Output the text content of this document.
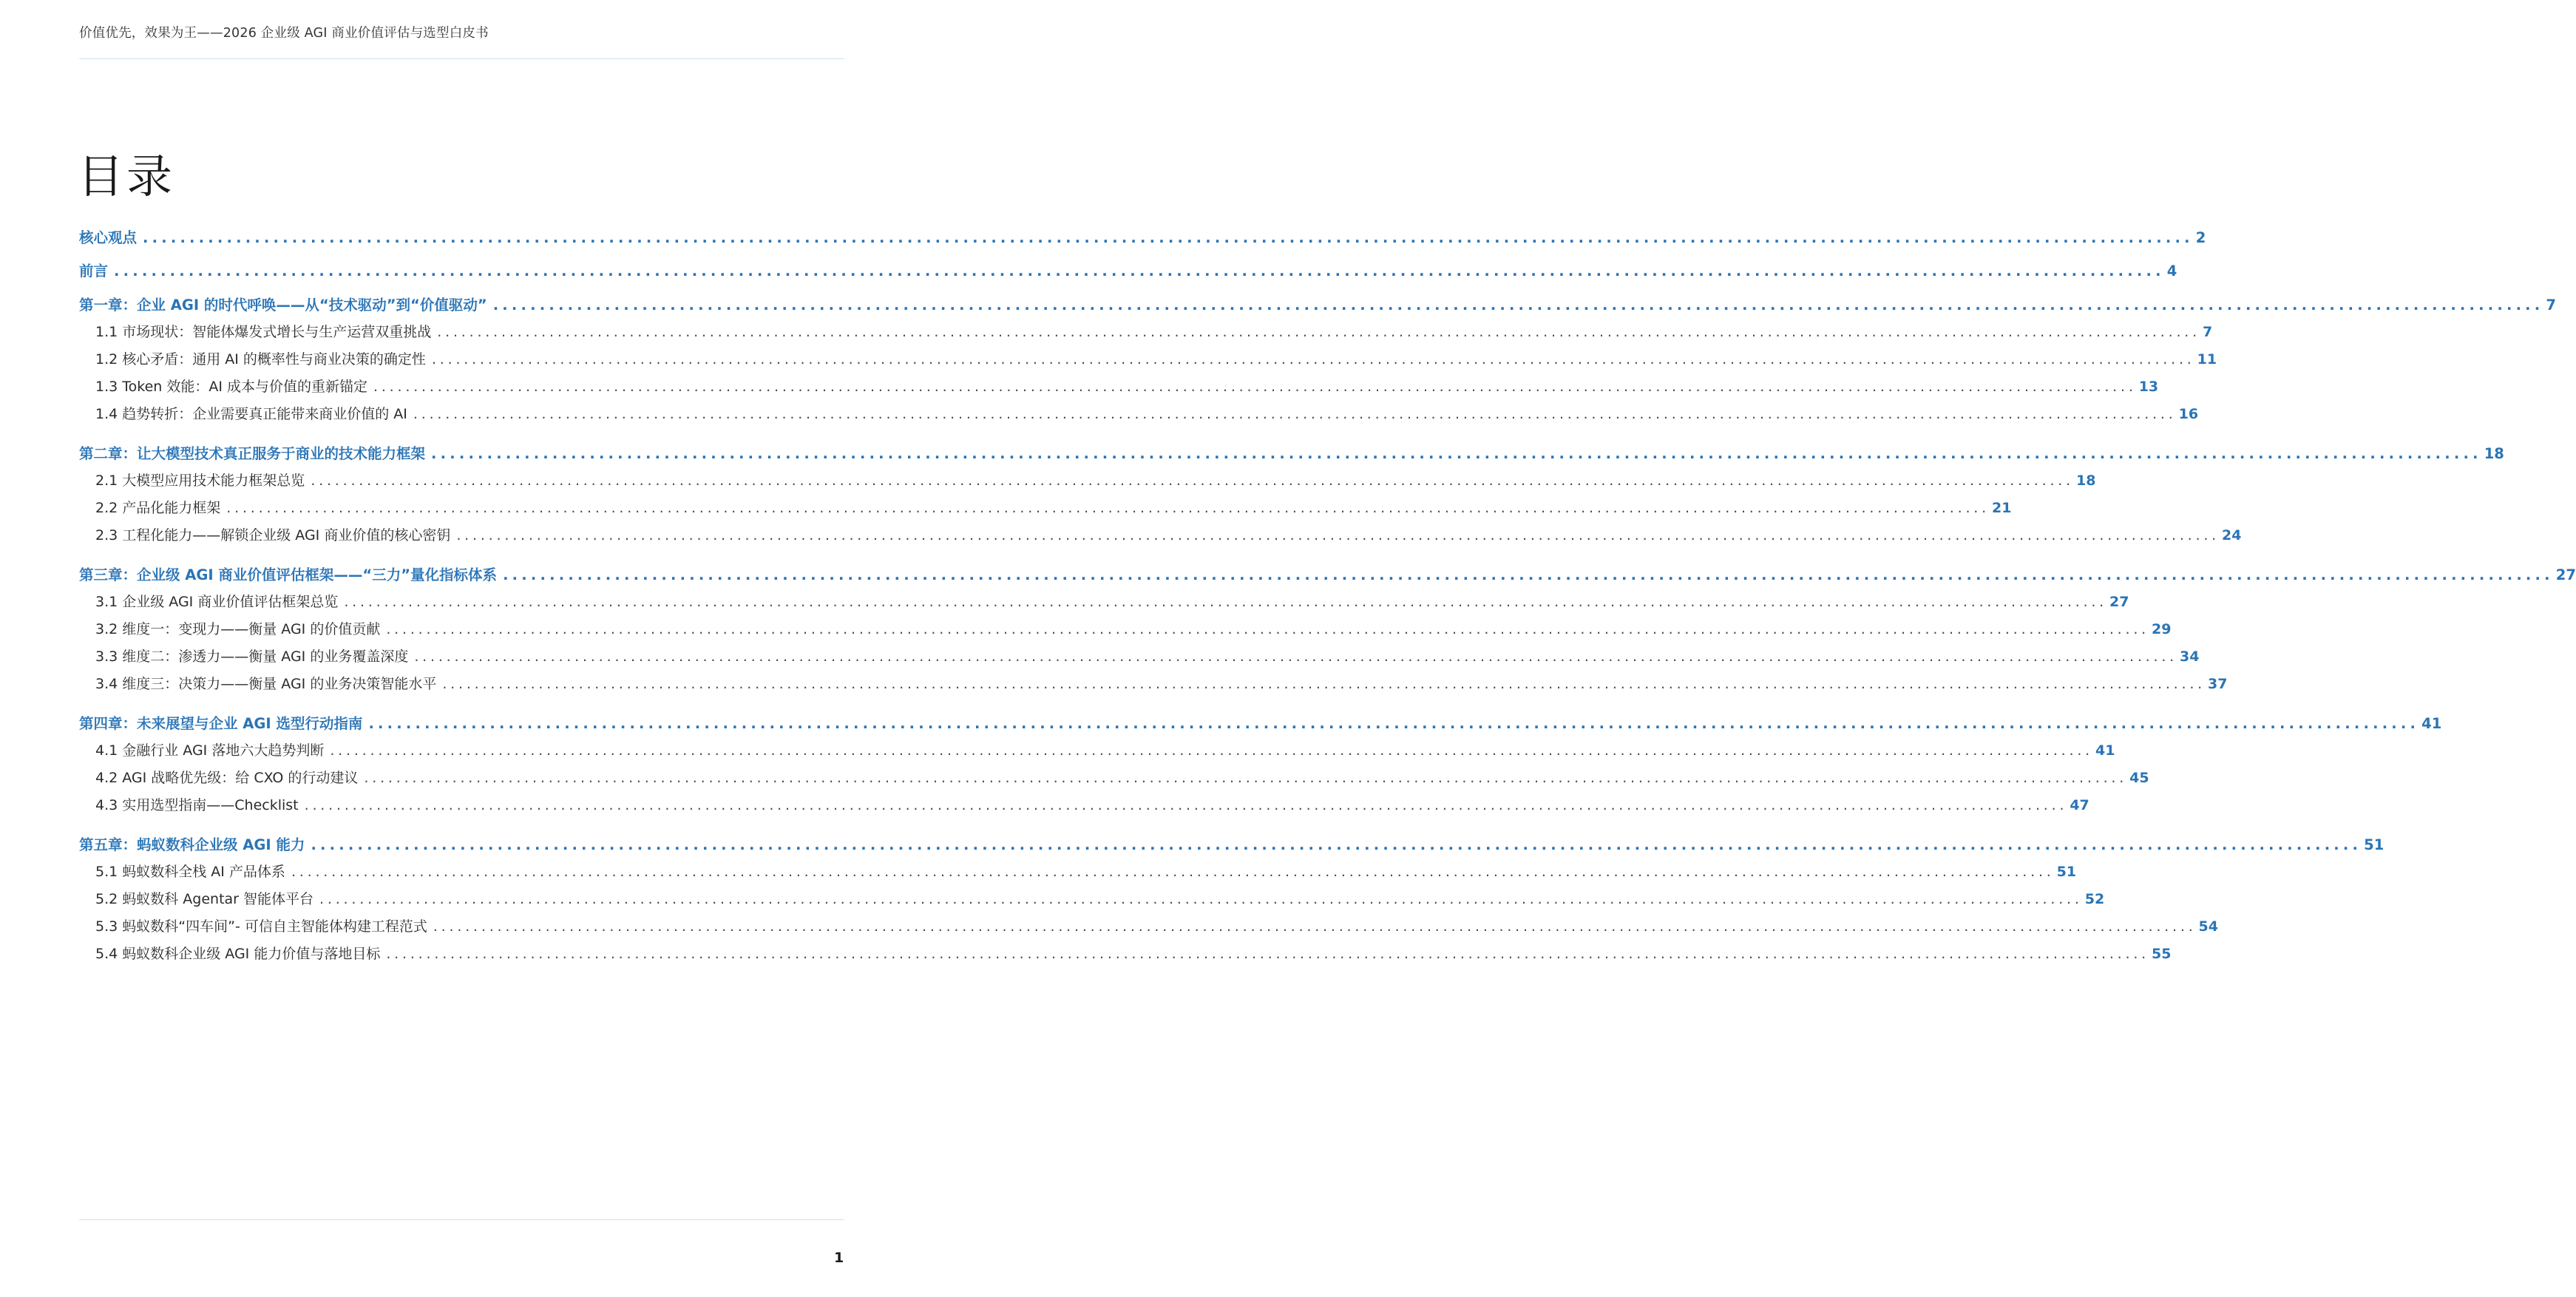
价值优先，效果为王——2026 企业级 AGI 商业价值评估与选型白皮书
目录
核心观点 ............................................................................................................................................................................................................................ 2
前言 ............................................................................................................................................................................................................................ 4
第一章：企业 AGI 的时代呼唤——从“技术驱动”到“价值驱动” ............................................................................................................................................................................................................................ 7
1.1 市场现状：智能体爆发式增长与生产运营双重挑战 ............................................................................................................................................................................................................................ 7
1.2 核心矛盾：通用 AI 的概率性与商业决策的确定性 ............................................................................................................................................................................................................................ 11
1.3 Token 效能：AI 成本与价值的重新锚定 ............................................................................................................................................................................................................................ 13
1.4 趋势转折：企业需要真正能带来商业价值的 AI ............................................................................................................................................................................................................................ 16
第二章：让大模型技术真正服务于商业的技术能力框架 ............................................................................................................................................................................................................................ 18
2.1 大模型应用技术能力框架总览 ............................................................................................................................................................................................................................ 18
2.2 产品化能力框架 ............................................................................................................................................................................................................................ 21
2.3 工程化能力——解锁企业级 AGI 商业价值的核心密钥 ............................................................................................................................................................................................................................ 24
第三章：企业级 AGI 商业价值评估框架——“三力”量化指标体系 ............................................................................................................................................................................................................................ 27
3.1 企业级 AGI 商业价值评估框架总览 ............................................................................................................................................................................................................................ 27
3.2 维度一：变现力——衡量 AGI 的价值贡献 ............................................................................................................................................................................................................................ 29
3.3 维度二：渗透力——衡量 AGI 的业务覆盖深度 ............................................................................................................................................................................................................................ 34
3.4 维度三：决策力——衡量 AGI 的业务决策智能水平 ............................................................................................................................................................................................................................ 37
第四章：未来展望与企业 AGI 选型行动指南 ............................................................................................................................................................................................................................ 41
4.1 金融行业 AGI 落地六大趋势判断 ............................................................................................................................................................................................................................ 41
4.2 AGI 战略优先级：给 CXO 的行动建议 ............................................................................................................................................................................................................................ 45
4.3 实用选型指南——Checklist ............................................................................................................................................................................................................................ 47
第五章：蚂蚁数科企业级 AGI 能力 ............................................................................................................................................................................................................................ 51
5.1 蚂蚁数科全栈 AI 产品体系 ............................................................................................................................................................................................................................ 51
5.2 蚂蚁数科 Agentar 智能体平台 ............................................................................................................................................................................................................................ 52
5.3 蚂蚁数科“四车间”- 可信自主智能体构建工程范式 ............................................................................................................................................................................................................................ 54
5.4 蚂蚁数科企业级 AGI 能力价值与落地目标 ............................................................................................................................................................................................................................ 55
1
